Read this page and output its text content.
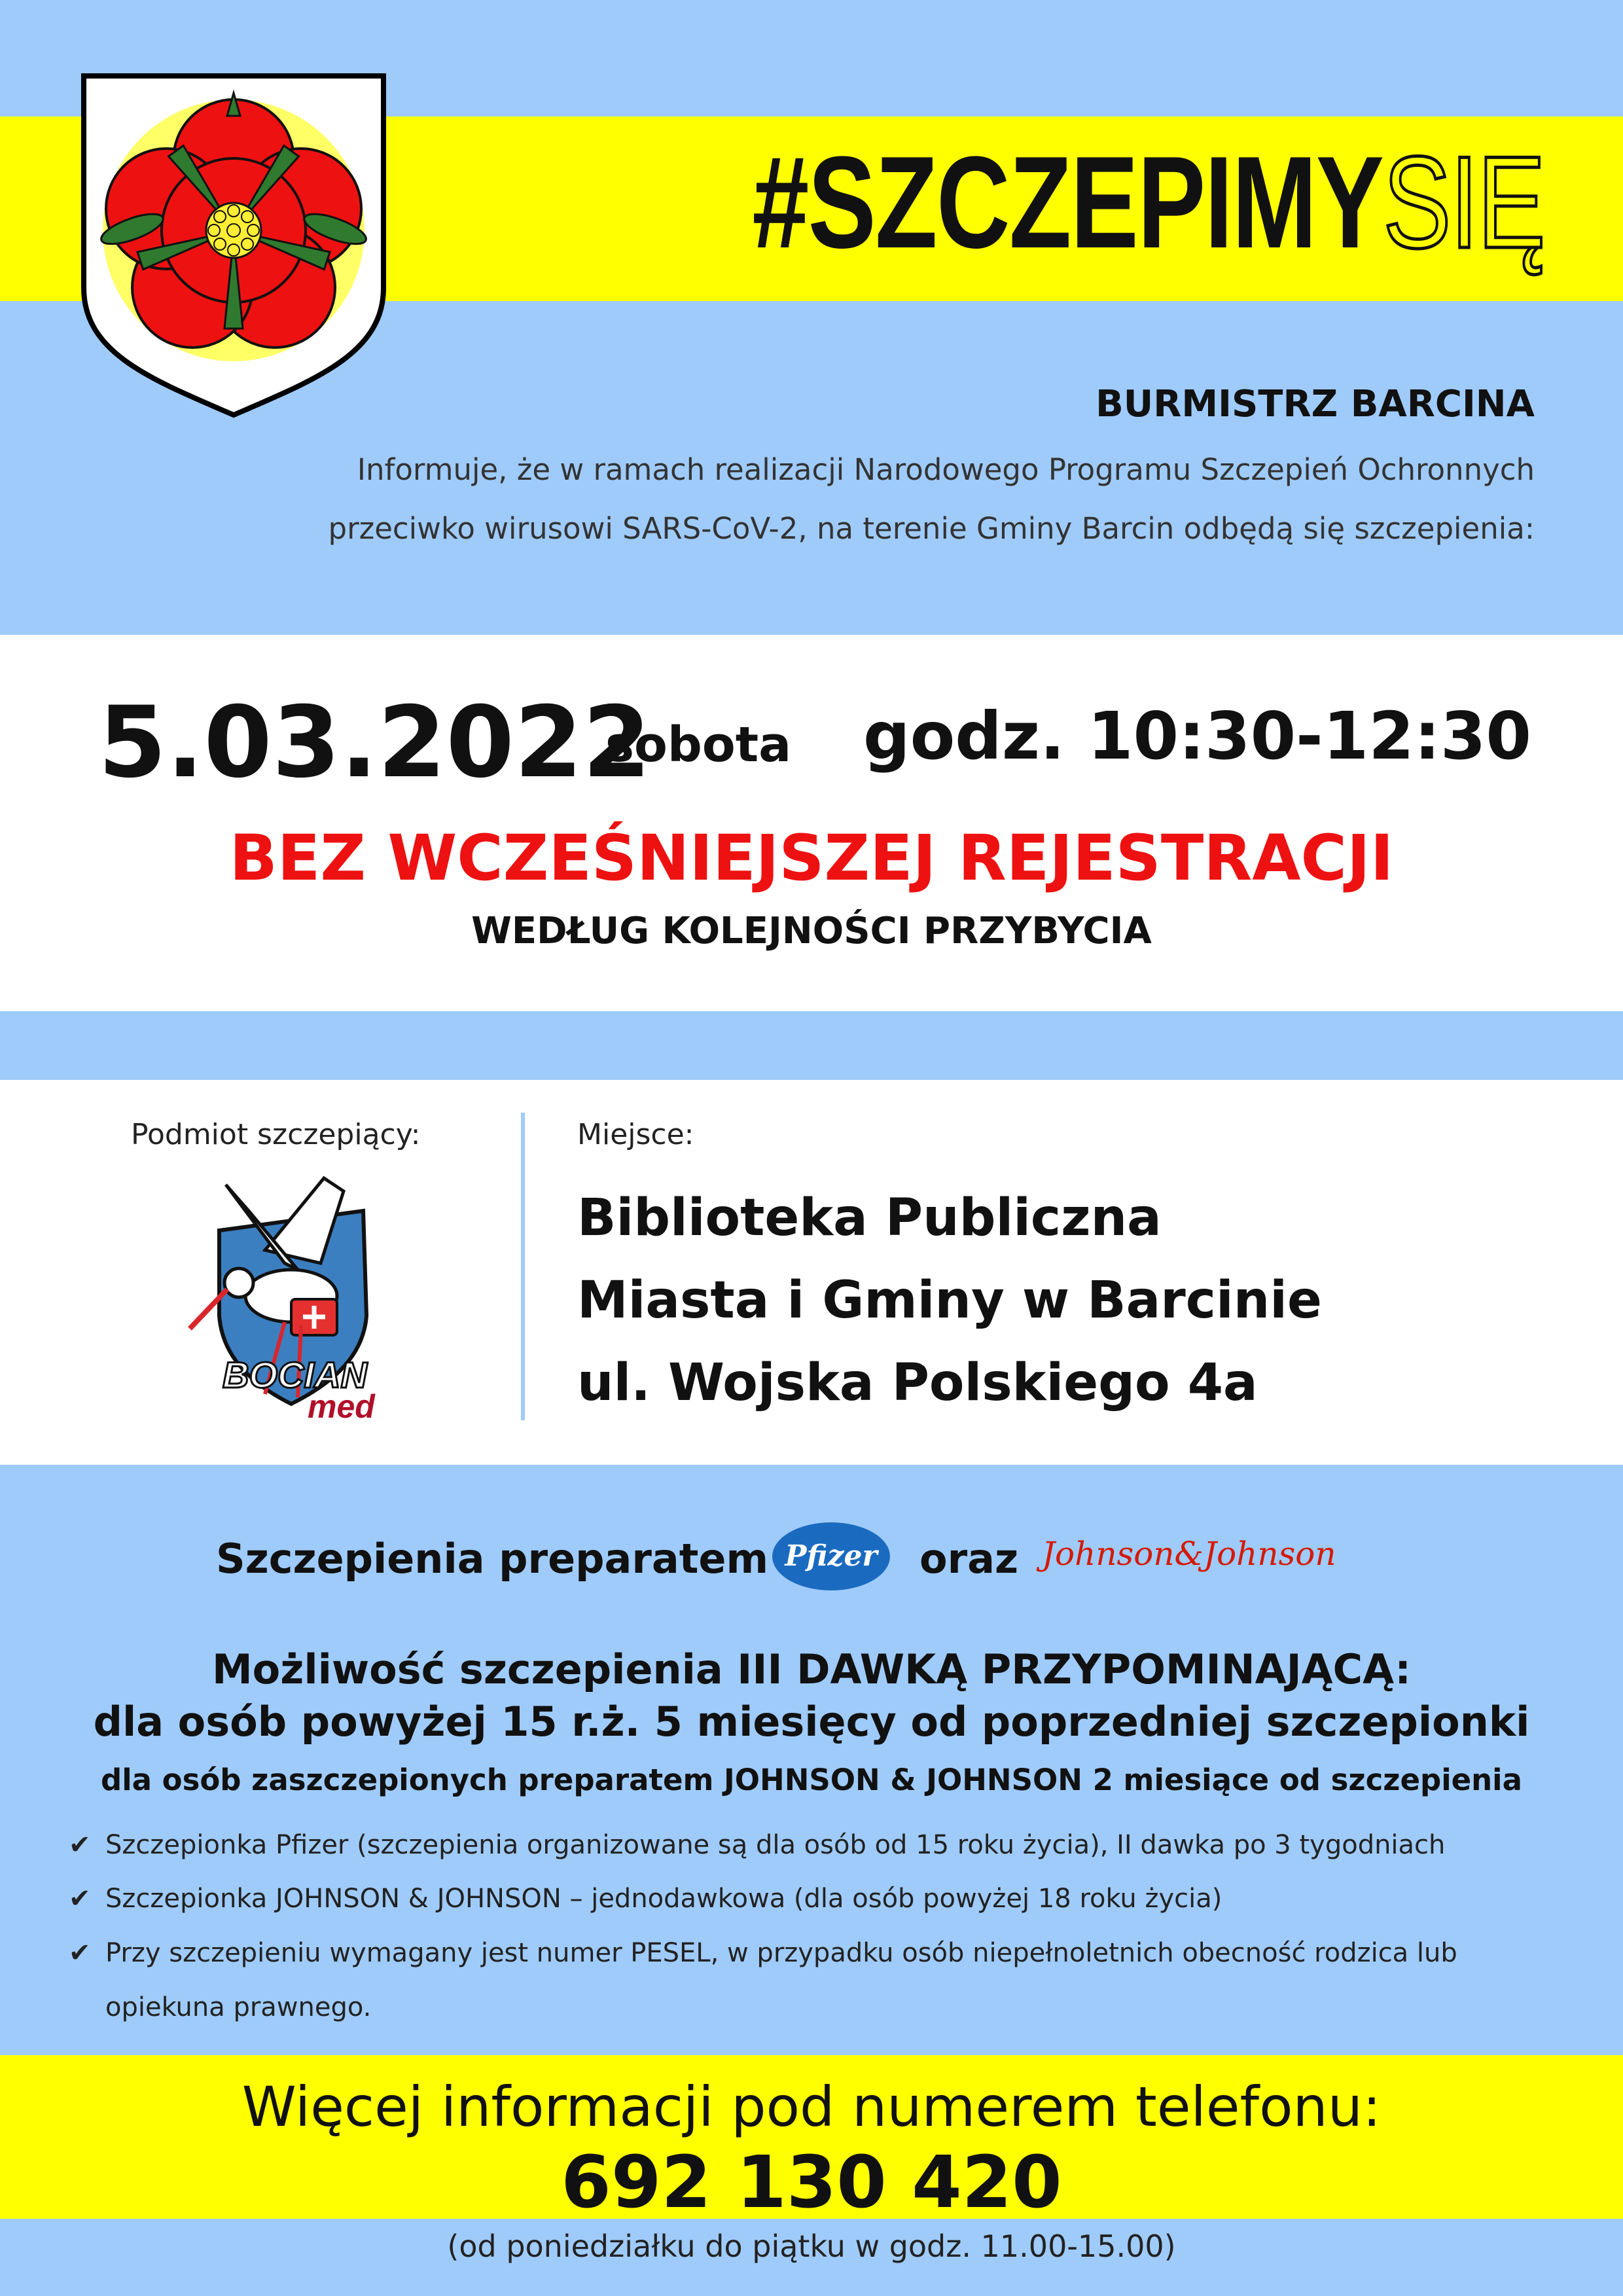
#SZCZEPIMYSIĘ
BURMISTRZ BARCINA
Informuje, że w ramach realizacji Narodowego Programu Szczepień Ochronnych
przeciwko wirusowi SARS-CoV-2, na terenie Gminy Barcin odbędą się szczepienia:
5.03.2022
sobota godz. 10:30-12:30
BEZ WCZEŚNIEJSZEJ REJESTRACJI
WEDŁUG KOLEJNOŚCI PRZYBYCIA
Podmiot szczepiący:
BOCIAN
med
Miejsce:
Biblioteka Publiczna
Miasta i Gminy w Barcinie
ul. Wojska Polskiego 4a
Szczepienia preparatem Pfizer oraz Johnson&Johnson
Możliwość szczepienia III DAWKĄ PRZYPOMINAJĄCĄ:
dla osób powyżej 15 r.ż. 5 miesięcy od poprzedniej szczepionki
dla osób zaszczepionych preparatem JOHNSON & JOHNSON 2 miesiące od szczepienia
✔ Szczepionka Pfizer (szczepienia organizowane są dla osób od 15 roku życia), II dawka po 3 tygodniach
✔ Szczepionka JOHNSON & JOHNSON – jednodawkowa (dla osób powyżej 18 roku życia)
✔ Przy szczepieniu wymagany jest numer PESEL, w przypadku osób niepełnoletnich obecność rodzica lub
opiekuna prawnego.
Więcej informacji pod numerem telefonu:
692 130 420
(od poniedziałku do piątku w godz. 11.00-15.00)
